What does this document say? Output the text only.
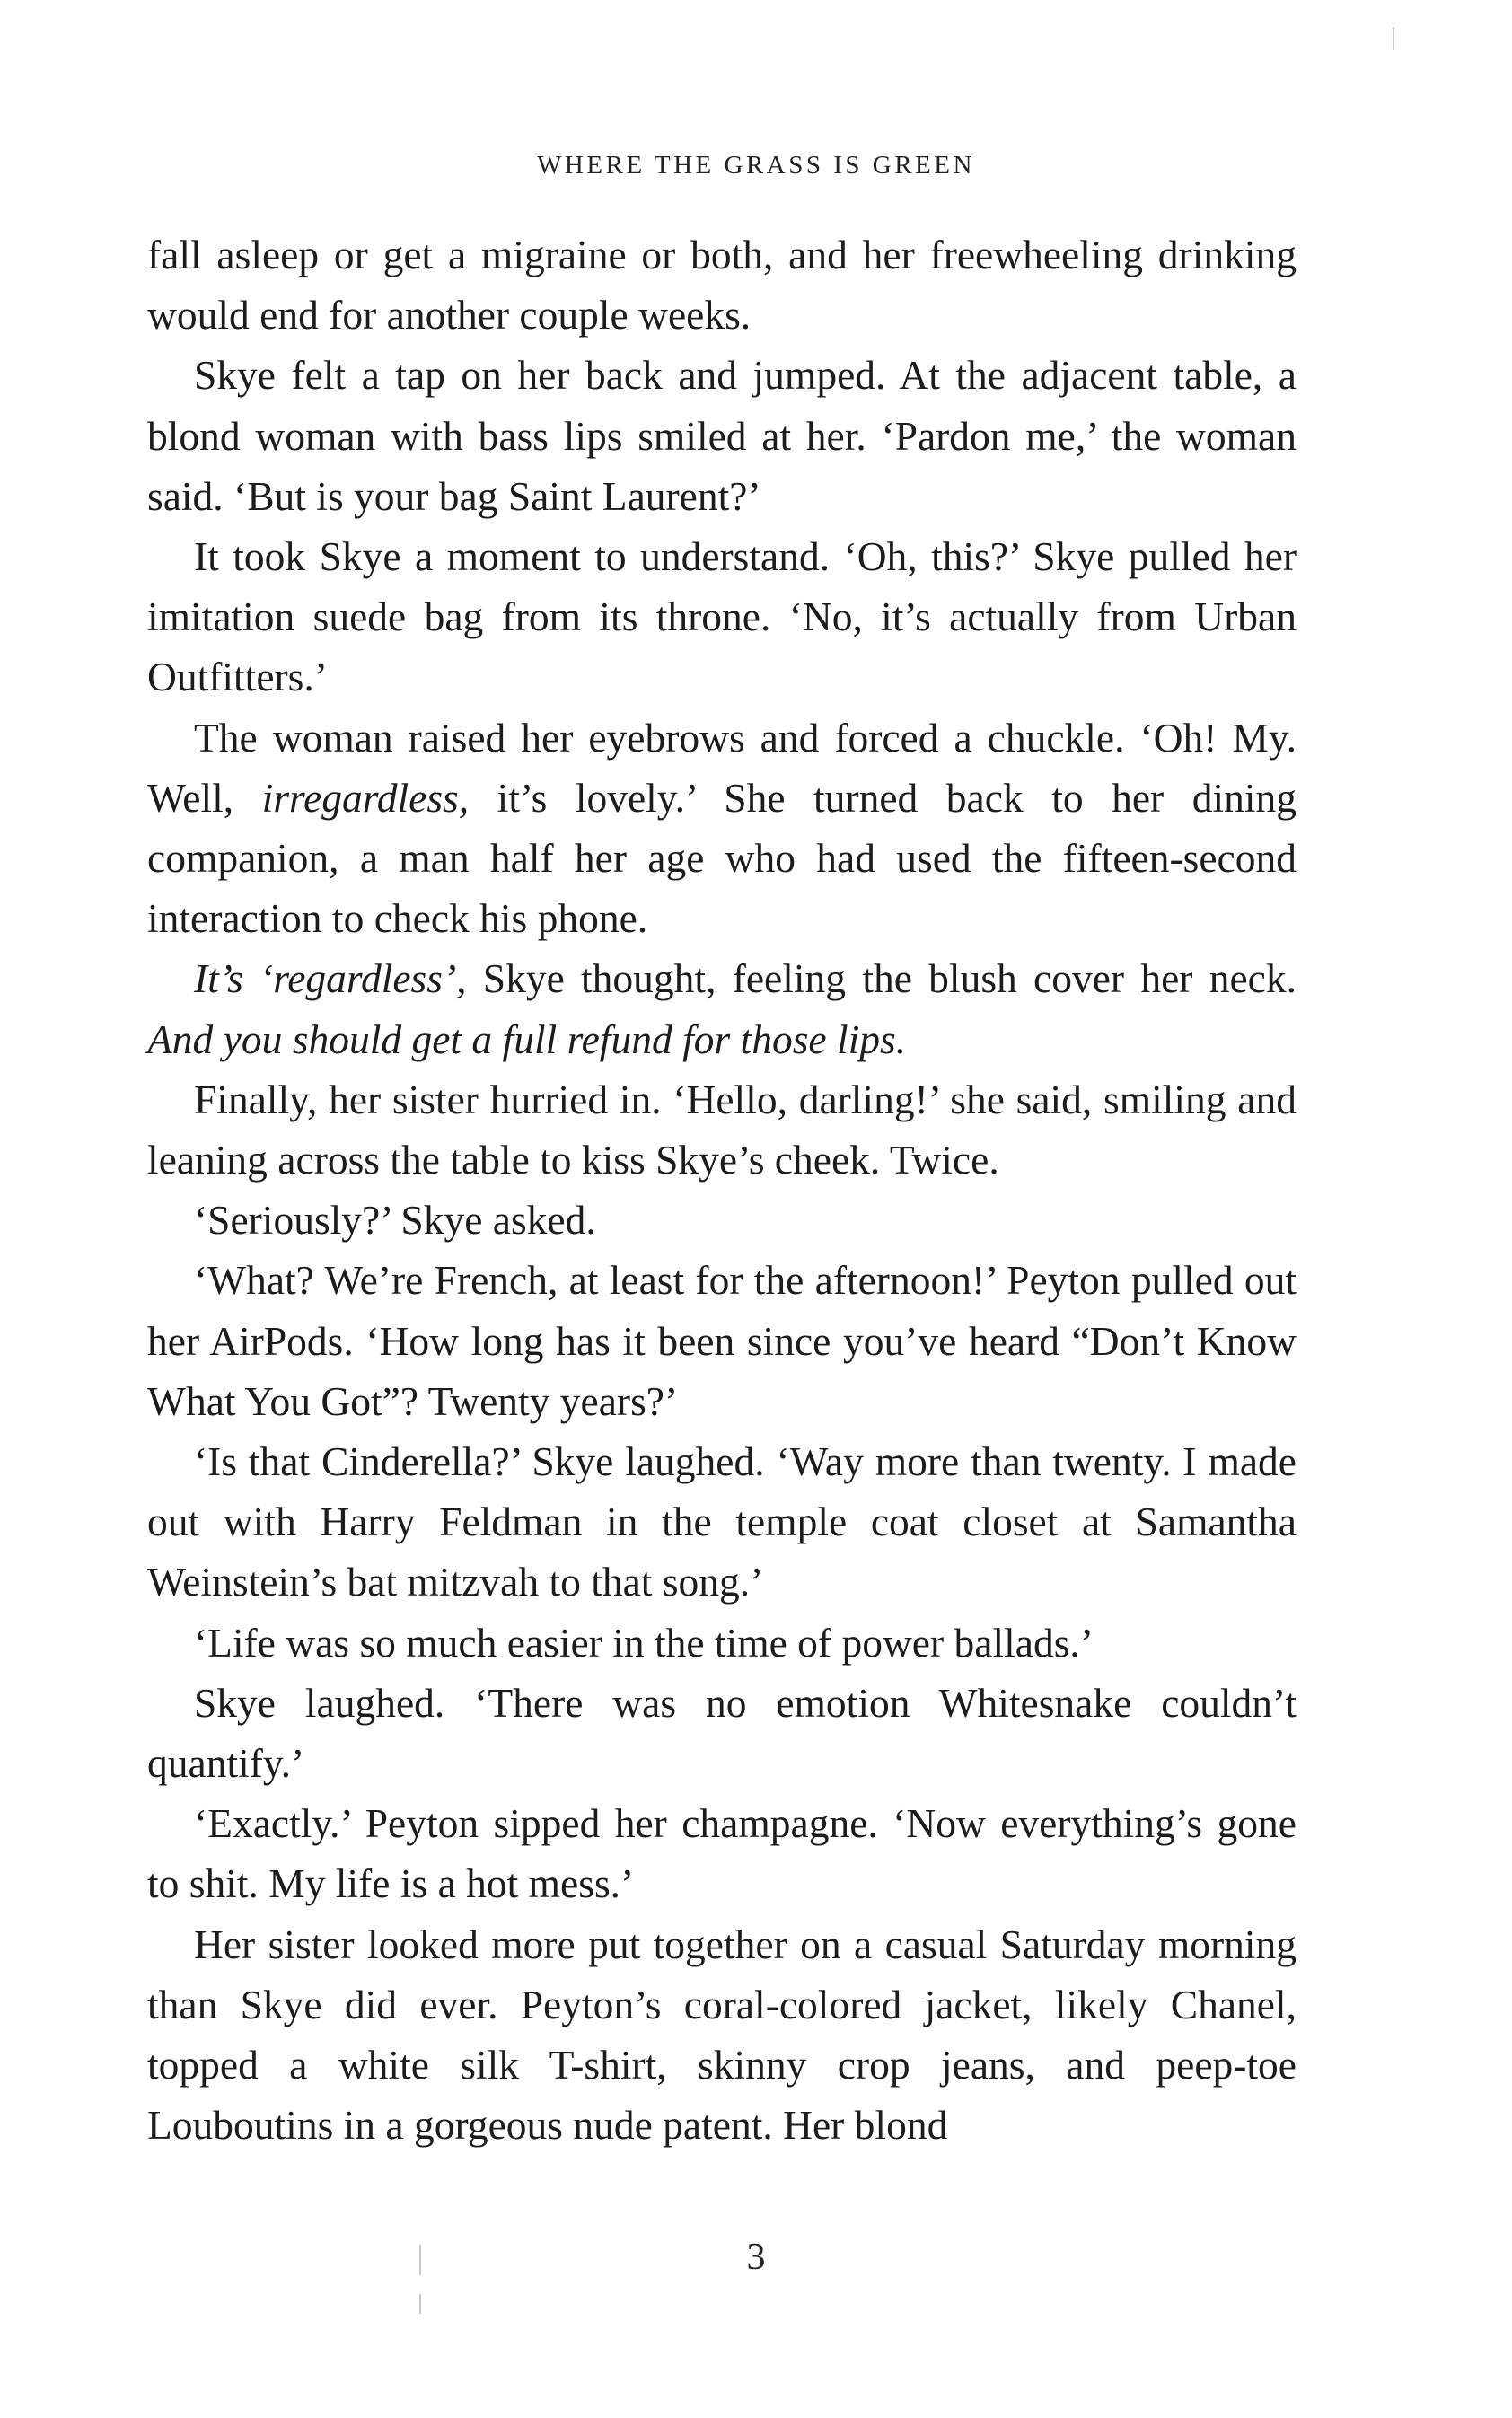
WHERE THE GRASS IS GREEN

fall asleep or get a migraine or both, and her freewheeling drinking would end for another couple weeks.

Skye felt a tap on her back and jumped. At the adjacent table, a blond woman with bass lips smiled at her. ‘Pardon me,’ the woman said. ‘But is your bag Saint Laurent?’

It took Skye a moment to understand. ‘Oh, this?’ Skye pulled her imitation suede bag from its throne. ‘No, it’s actually from Urban Outfitters.’

The woman raised her eyebrows and forced a chuckle. ‘Oh! My. Well, irregardless, it’s lovely.’ She turned back to her dining companion, a man half her age who had used the fifteen-second interaction to check his phone.

It’s ‘regardless’, Skye thought, feeling the blush cover her neck. And you should get a full refund for those lips.

Finally, her sister hurried in. ‘Hello, darling!’ she said, smiling and leaning across the table to kiss Skye’s cheek. Twice.

‘Seriously?’ Skye asked.

‘What? We’re French, at least for the afternoon!’ Peyton pulled out her AirPods. ‘How long has it been since you’ve heard “Don’t Know What You Got”? Twenty years?’

‘Is that Cinderella?’ Skye laughed. ‘Way more than twenty. I made out with Harry Feldman in the temple coat closet at Samantha Weinstein’s bat mitzvah to that song.’

‘Life was so much easier in the time of power ballads.’

Skye laughed. ‘There was no emotion Whitesnake couldn’t quantify.’

‘Exactly.’ Peyton sipped her champagne. ‘Now everything’s gone to shit. My life is a hot mess.’

Her sister looked more put together on a casual Saturday morning than Skye did ever. Peyton’s coral-colored jacket, likely Chanel, topped a white silk T-shirt, skinny crop jeans, and peep-toe Louboutins in a gorgeous nude patent. Her blond

3
